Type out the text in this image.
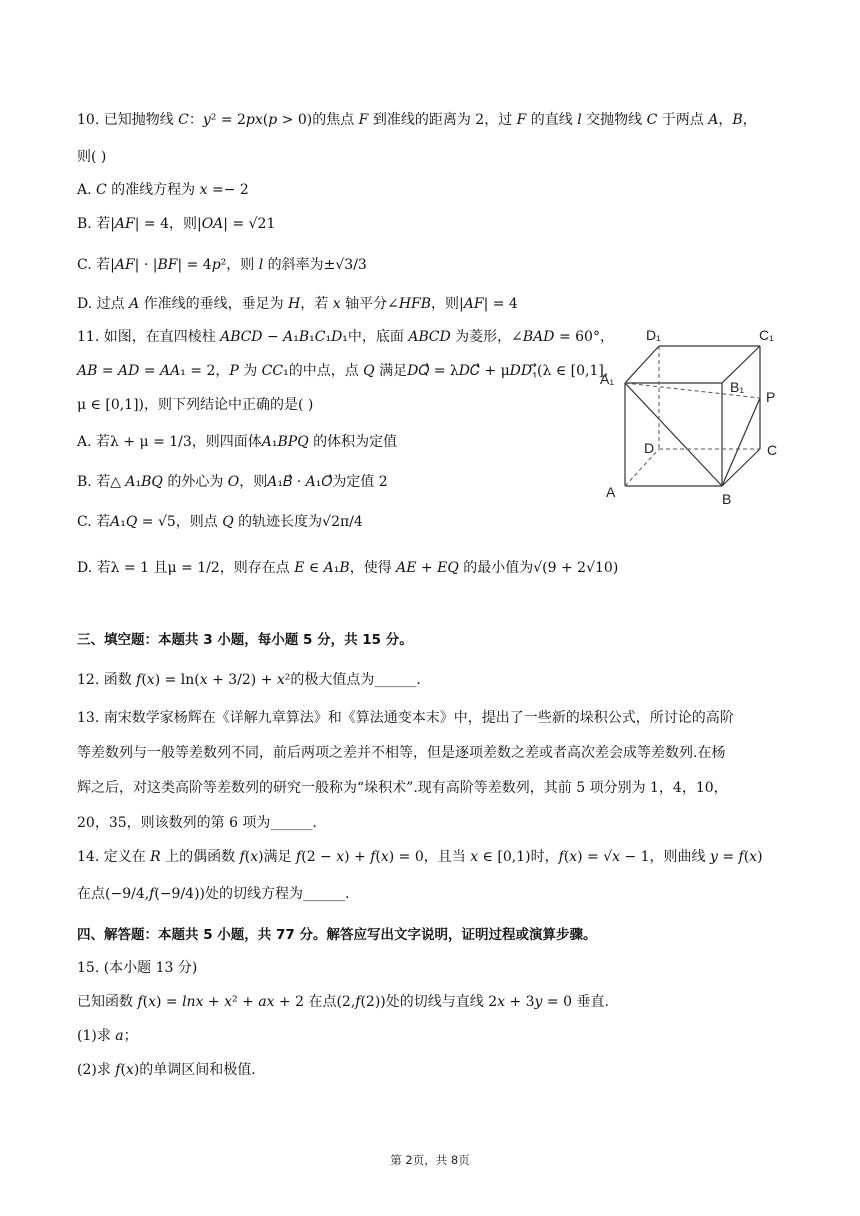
10. 已知抛物线 𝐶：𝑦² = 2𝑝𝑥(𝑝 > 0)的焦点 𝐹 到准线的距离为 2，过 𝐹 的直线 𝑙 交抛物线 𝐶 于两点 𝐴，𝐵，
则( )
A. 𝐶 的准线方程为 𝑥 =− 2
B. 若|𝐴𝐹| = 4，则|𝑂𝐴| = √21
C. 若|𝐴𝐹| · |𝐵𝐹| = 4𝑝²，则 𝑙 的斜率为±√3/3
D. 过点 𝐴 作准线的垂线，垂足为 𝐻，若 𝑥 轴平分∠𝐻𝐹𝐵，则|𝐴𝐹| = 4
11. 如图，在直四棱柱 𝐴𝐵𝐶𝐷 − 𝐴₁𝐵₁𝐶₁𝐷₁中，底面 𝐴𝐵𝐶𝐷 为菱形，∠𝐵𝐴𝐷 = 60°，
𝐴𝐵 = 𝐴𝐷 = 𝐴𝐴₁ = 2，𝑃 为 𝐶𝐶₁的中点，点 𝑄 满足𝐷𝑄⃗ = λ𝐷𝐶⃗ + μ𝐷𝐷₁⃗(λ ∈ [0,1],
μ ∈ [0,1])，则下列结论中正确的是( )
A. 若λ + μ = 1/3，则四面体𝐴₁𝐵𝑃𝑄 的体积为定值
B. 若△ 𝐴₁𝐵𝑄 的外心为 𝑂，则𝐴₁𝐵⃗ · 𝐴₁𝑂⃗为定值 2
C. 若𝐴₁𝑄 = √5，则点 𝑄 的轨迹长度为√2π/4
D. 若λ = 1 且μ = 1/2，则存在点 𝐸 ∈ 𝐴₁𝐵，使得 𝐴𝐸 + 𝐸𝑄 的最小值为√(9 + 2√10)
三、填空题：本题共 3 小题，每小题 5 分，共 15 分。
12. 函数 𝑓(𝑥) = ln(𝑥 + 3/2) + 𝑥²的极大值点为______.
13. 南宋数学家杨辉在《详解九章算法》和《算法通变本末》中，提出了一些新的垛积公式，所讨论的高阶
等差数列与一般等差数列不同，前后两项之差并不相等，但是逐项差数之差或者高次差会成等差数列.在杨
辉之后，对这类高阶等差数列的研究一般称为“垛积术”.现有高阶等差数列，其前 5 项分别为 1，4，10，
20，35，则该数列的第 6 项为______.
14. 定义在 𝑅 上的偶函数 𝑓(𝑥)满足 𝑓(2 − 𝑥) + 𝑓(𝑥) = 0，且当 𝑥 ∈ [0,1)时，𝑓(𝑥) = √𝑥 − 1，则曲线 𝑦 = 𝑓(𝑥)
在点(−9/4,𝑓(−9/4))处的切线方程为______.
四、解答题：本题共 5 小题，共 77 分。解答应写出文字说明，证明过程或演算步骤。
15. (本小题 13 分)
已知函数 𝑓(𝑥) = 𝑙𝑛𝑥 + 𝑥² + 𝑎𝑥 + 2 在点(2,𝑓(2))处的切线与直线 2𝑥 + 3𝑦 = 0 垂直.
(1)求 𝑎；
(2)求 𝑓(𝑥)的单调区间和极值.
D₁	C₁
A₁	B₁
P
D	C
A	B
第 2页，共 8页
